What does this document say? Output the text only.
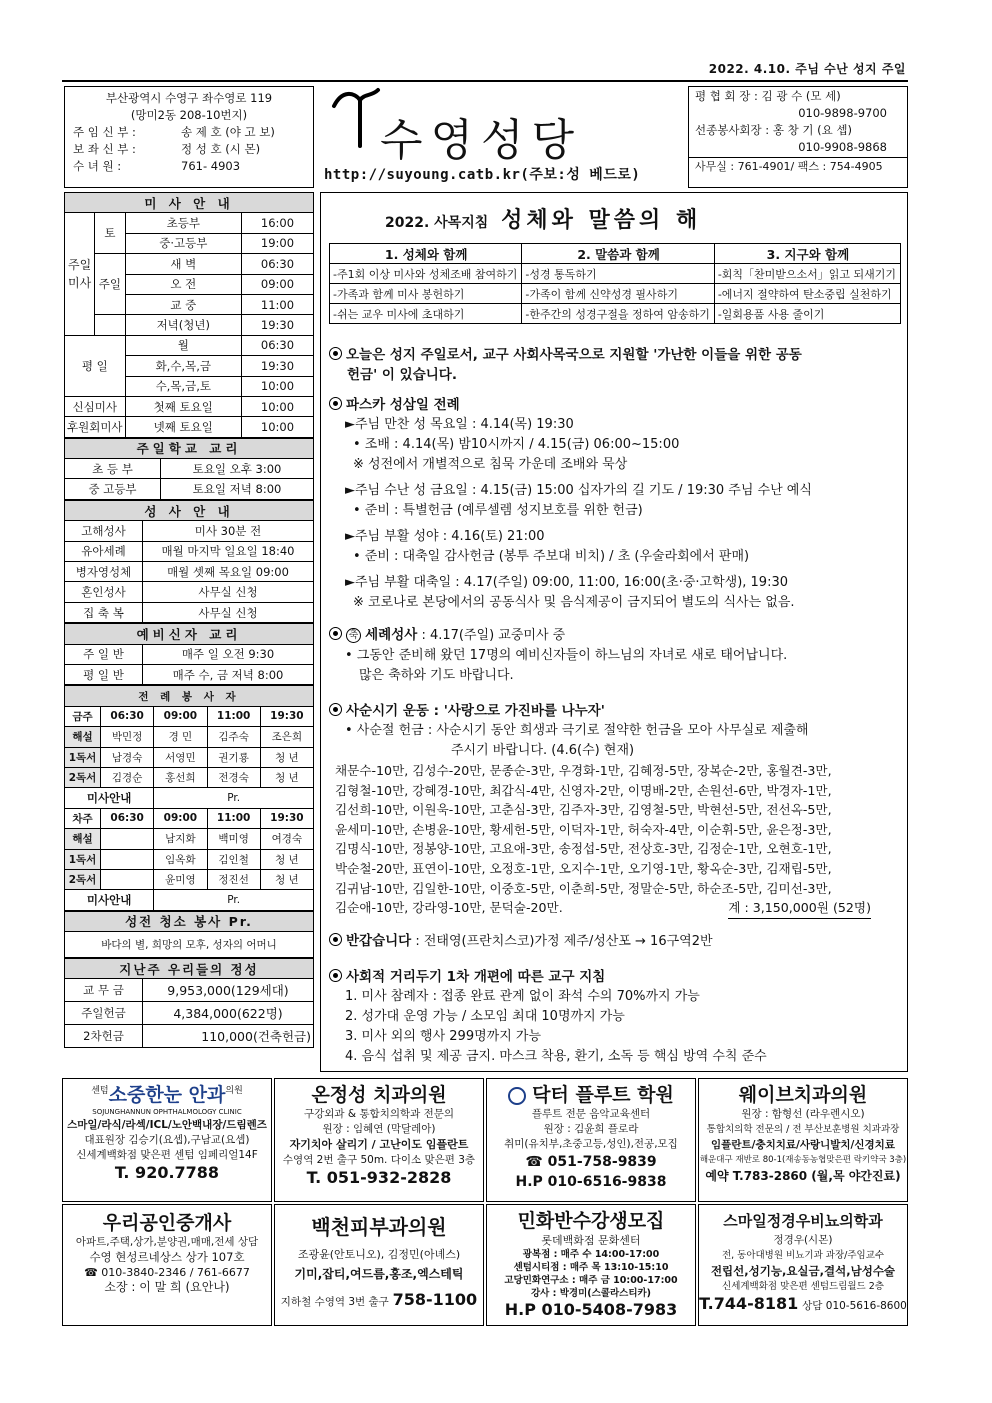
2022. 4.10. 주님 수난 성지 주일
부산광역시 수영구 좌수영로 119
(망미2동 208-10번지)
주 임 신 부 :	송 제 호 (야 고 보)
보 좌 신 부 :	정 성 호 (시 몬)
수 녀 원 :	761- 4903	수영성당
http://suyoung.catb.kr(주보:성 베드로)
평 협 회 장 : 김 광 수 (모 세)
010-9898-9700
선종봉사회장 : 홍 창 기 (요 셉)
010-9908-9868
사무실 : 761-4901/ 팩스 : 754-4905
미 사 안 내			
주일미사	토	초등부	16:00
		중·고등부	19:00
	주일	새 벽	06:30
		오 전	09:00
		교 중	11:00
		저녁(청년)	19:30
평 일		월	06:30
		화,수,목,금	19:30
		수,목,금,토	10:00
신심미사		첫째 토요일	10:00
후원회미사		넷째 토요일	10:00
주일학교 교리	
초 등 부	토요일 오후 3:00
중 고등부	토요일 저녁 8:00
성 사 안 내	
고해성사	미사 30분 전
유아세례	매월 마지막 일요일 18:40
병자영성체	매월 셋째 목요일 09:00
혼인성사	사무실 신청
집 축 복	사무실 신청
예비신자 교리	
주 일 반	매주 일 오전 9:30
평 일 반	매주 수, 금 저녁 8:00
전 례 봉 사 자				
금주	06:30	09:00	11:00	19:30
해설	박민정	경 민	김주숙	조은희
1독서	남경숙	서영민	권기룡	청 년
2독서	김경순	홍선희	전경숙	청 년
미사안내		Pr.		
차주	06:30	09:00	11:00	19:30
해설		남지화	백미영	여경숙
1독서		임옥화	김인철	청 년
2독서		윤미영	정진선	청 년
미사안내		Pr.		
성전 청소 봉사 Pr.
바다의 별, 희망의 모후, 성자의 어머니
지난주 우리들의 정성	
교 무 금	9,953,000(129세대)
주일헌금	4,384,000(622명)
2차헌금	110,000(건축헌금)
2022. 사목지침 성체와 말씀의 해
1. 성체와 함께	2. 말씀과 함께	3. 지구와 함께
-주1회 이상 미사와 성체조배 참여하기	-성경 통독하기	-회칙「찬미받으소서」읽고 되새기기
-가족과 함께 미사 봉헌하기	-가족이 함께 신약성경 필사하기	-에너지 절약하여 탄소중립 실천하기
-쉬는 교우 미사에 초대하기	-한주간의 성경구절을 정하여 암송하기	-일회용품 사용 줄이기
오늘은 성지 주일로서, 교구 사회사목국으로 지원할 '가난한 이들을 위한 공동
헌금' 이 있습니다.
파스카 성삼일 전례
►주님 만찬 성 목요일 : 4.14(목) 19:30
• 조배 : 4.14(목) 밤10시까지 / 4.15(금) 06:00~15:00
※ 성전에서 개별적으로 침묵 가운데 조배와 묵상
►주님 수난 성 금요일 : 4.15(금) 15:00 십자가의 길 기도 / 19:30 주님 수난 예식
• 준비 : 특별헌금 (예루셀렘 성지보호를 위한 헌금)
►주님 부활 성야 : 4.16(토) 21:00
• 준비 : 대축일 감사헌금 (봉투 주보대 비치) / 초 (우술라회에서 판매)
►주님 부활 대축일 : 4.17(주일) 09:00, 11:00, 16:00(초·중·고학생), 19:30
※ 코로나로 본당에서의 공동식사 및 음식제공이 금지되어 별도의 식사는 없음.
축 세례성사 : 4.17(주일) 교중미사 중
• 그동안 준비해 왔던 17명의 예비신자들이 하느님의 자녀로 새로 태어납니다.
많은 축하와 기도 바랍니다.
사순시기 운동 : '사랑으로 가진바를 나누자'
• 사순절 헌금 : 사순시기 동안 희생과 극기로 절약한 헌금을 모아 사무실로 제출해
주시기 바랍니다. (4.6(수) 현재)
채문수-10만, 김성수-20만, 문종순-3만, 우경화-1만, 김혜정-5만, 장복순-2만, 홍월견-3만,
김형철-10만, 강혜경-10만, 최갑식-4만, 신영자-2만, 이명배-2만, 손원선-6만, 박경자-1만,
김선희-10만, 이원욱-10만, 고춘심-3만, 김주자-3만, 김영철-5만, 박현선-5만, 전선옥-5만,
윤세미-10만, 손병윤-10만, 황세헌-5만, 이덕자-1만, 허숙자-4만, 이순휘-5만, 윤은정-3만,
김명식-10만, 정봉양-10만, 고요애-3만, 송정섭-5만, 전상호-3만, 김정순-1만, 오현호-1만,
박순철-20만, 표연이-10만, 오정호-1만, 오지수-1만, 오기영-1만, 황옥순-3만, 김재립-5만,
김귀남-10만, 김일한-10만, 이중호-5만, 이춘희-5만, 정말순-5만, 하순조-5만, 김미선-3만,
김순애-10만, 강라영-10만, 문덕술-20만.	계 : 3,150,000원 (52명)
반갑습니다 : 전태영(프란치스코)가정 제주/성산포 → 16구역2반
사회적 거리두기 1차 개편에 따른 교구 지침
1. 미사 참례자 : 접종 완료 관계 없이 좌석 수의 70%까지 가능
2. 성가대 운영 가능 / 소모임 최대 10명까지 가능
3. 미사 외의 행사 299명까지 가능
4. 음식 섭취 및 제공 금지. 마스크 착용, 환기, 소독 등 핵심 방역 수칙 준수
$^{센텀}$소중한눈 안과$^{의원}$
SOJUNGHANNUN OPHTHALMOLOGY CLINIC
스마일/라식/라섹/ICL/노안백내장/드림렌즈
대표원장 김승기(요셉),구남교(요셉)
신세계백화점 맞은편 센텀 임페리얼14F
T. 920.7788
온정성 치과의원
구강외과 & 통합치의학과 전문의
원장 : 임혜연 (막달레아)
자기치아 살리기 / 고난이도 임플란트
수영역 2번 출구 50m. 다이소 맞은편 3층
T. 051-932-2828
닥터 플루트 학원
플루트 전문 음악교육센터
원장 : 김윤희 플로라
취미(유치부,초중고등,성인),전공,모집
☎ 051-758-9839
H.P 010-6516-9838
웨이브치과의원
원장 : 함형선 (라우렌시오)
통합치의학 전문의 / 전 부산보훈병원 치과과장
임플란트/충치치료/사랑니발치/신경치료
해운대구 재반로 80-1(재송동농협맞은편 락키약국 3층)
예약 T.783-2860 (월,목 야간진료)
우리공인중개사
아파트,주택,상가,분양권,매매,전세 상담
수영 현성르네상스 상가 107호
☎ 010-3840-2346 / 761-6677
소장 : 이 말 희 (요안나)
백천피부과의원
조광윤(안토니오), 김정민(아녜스)
기미,잡티,여드름,홍조,엑스테틱
지하철 수영역 3번 출구 758-1100
민화반수강생모집
롯데백화점 문화센터
광복점 : 매주 수 14:00-17:00
센텀시티점 : 매주 목 13:10-15:10
고당민화연구소 : 매주 금 10:00-17:00
강사 : 박경미(스콜라스티카)
H.P 010-5408-7983
스마일정경우비뇨의학과
정경우(시몬)
전, 동아대병원 비뇨기과 과장/주임교수
전립선,성기능,요실금,결석,남성수술
신세계백화점 맞은편 센텀드림월드 2층
T.744-8181 상담 010-5616-8600
